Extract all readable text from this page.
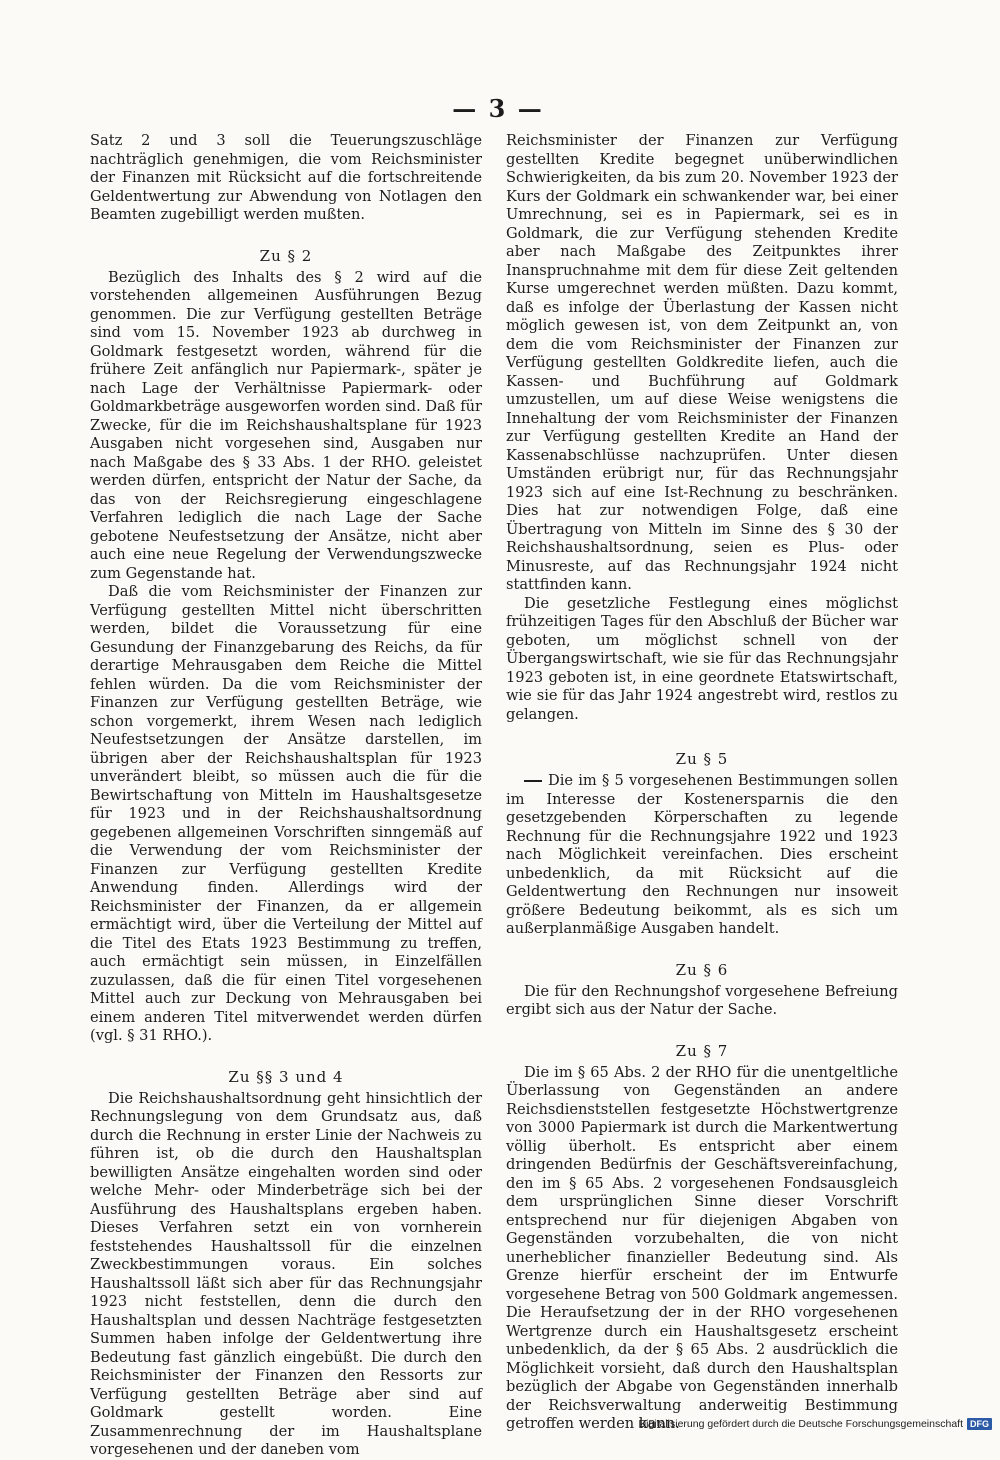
— 3 —

Satz 2 und 3 soll die Teuerungszuschläge nachträglich genehmigen, die vom Reichsminister der Finanzen mit Rücksicht auf die fortschreitende Geldentwertung zur Abwendung von Notlagen den Beamten zugebilligt werden mußten.

Zu § 2

Bezüglich des Inhalts des § 2 wird auf die vorstehenden allgemeinen Ausführungen Bezug genommen. Die zur Verfügung gestellten Beträge sind vom 15. November 1923 ab durchweg in Goldmark festgesetzt worden, während für die frühere Zeit anfänglich nur Papiermark-, später je nach Lage der Verhältnisse Papiermark- oder Goldmarkbeträge ausgeworfen worden sind. Daß für Zwecke, für die im Reichshaushaltsplane für 1923 Ausgaben nicht vorgesehen sind, Ausgaben nur nach Maßgabe des § 33 Abs. 1 der RHO. geleistet werden dürfen, entspricht der Natur der Sache, da das von der Reichsregierung eingeschlagene Verfahren lediglich die nach Lage der Sache gebotene Neufestsetzung der Ansätze, nicht aber auch eine neue Regelung der Verwendungszwecke zum Gegenstande hat.

Daß die vom Reichsminister der Finanzen zur Verfügung gestellten Mittel nicht überschritten werden, bildet die Voraussetzung für eine Gesundung der Finanzgebarung des Reichs, da für derartige Mehrausgaben dem Reiche die Mittel fehlen würden. Da die vom Reichsminister der Finanzen zur Verfügung gestellten Beträge, wie schon vorgemerkt, ihrem Wesen nach lediglich Neufestsetzungen der Ansätze darstellen, im übrigen aber der Reichshaushaltsplan für 1923 unverändert bleibt, so müssen auch die für die Bewirtschaftung von Mitteln im Haushaltsgesetze für 1923 und in der Reichshaushaltsordnung gegebenen allgemeinen Vorschriften sinngemäß auf die Verwendung der vom Reichsminister der Finanzen zur Verfügung gestellten Kredite Anwendung finden. Allerdings wird der Reichsminister der Finanzen, da er allgemein ermächtigt wird, über die Verteilung der Mittel auf die Titel des Etats 1923 Bestimmung zu treffen, auch ermächtigt sein müssen, in Einzelfällen zuzulassen, daß die für einen Titel vorgesehenen Mittel auch zur Deckung von Mehrausgaben bei einem anderen Titel mitverwendet werden dürfen (vgl. § 31 RHO.).

Zu §§ 3 und 4

Die Reichshaushaltsordnung geht hinsichtlich der Rechnungslegung von dem Grundsatz aus, daß durch die Rechnung in erster Linie der Nachweis zu führen ist, ob die durch den Haushaltsplan bewilligten Ansätze eingehalten worden sind oder welche Mehr- oder Minderbeträge sich bei der Ausführung des Haushaltsplans ergeben haben. Dieses Verfahren setzt ein von vornherein feststehendes Haushaltssoll für die einzelnen Zweckbestimmungen voraus. Ein solches Haushaltssoll läßt sich aber für das Rechnungsjahr 1923 nicht feststellen, denn die durch den Haushaltsplan und dessen Nachträge festgesetzten Summen haben infolge der Geldentwertung ihre Bedeutung fast gänzlich eingebüßt. Die durch den Reichsminister der Finanzen den Ressorts zur Verfügung gestellten Beträge aber sind auf Goldmark gestellt worden. Eine Zusammenrechnung der im Haushaltsplane vorgesehenen und der daneben vom

Reichsminister der Finanzen zur Verfügung gestellten Kredite begegnet unüberwindlichen Schwierigkeiten, da bis zum 20. November 1923 der Kurs der Goldmark ein schwankender war, bei einer Umrechnung, sei es in Papiermark, sei es in Goldmark, die zur Verfügung stehenden Kredite aber nach Maßgabe des Zeitpunktes ihrer Inanspruchnahme mit dem für diese Zeit geltenden Kurse umgerechnet werden müßten. Dazu kommt, daß es infolge der Überlastung der Kassen nicht möglich gewesen ist, von dem Zeitpunkt an, von dem die vom Reichsminister der Finanzen zur Verfügung gestellten Goldkredite liefen, auch die Kassen- und Buchführung auf Goldmark umzustellen, um auf diese Weise wenigstens die Innehaltung der vom Reichsminister der Finanzen zur Verfügung gestellten Kredite an Hand der Kassenabschlüsse nachzuprüfen. Unter diesen Umständen erübrigt nur, für das Rechnungsjahr 1923 sich auf eine Ist-Rechnung zu beschränken. Dies hat zur notwendigen Folge, daß eine Übertragung von Mitteln im Sinne des § 30 der Reichshaushaltsordnung, seien es Plus- oder Minusreste, auf das Rechnungsjahr 1924 nicht stattfinden kann.

Die gesetzliche Festlegung eines möglichst frühzeitigen Tages für den Abschluß der Bücher war geboten, um möglichst schnell von der Übergangswirtschaft, wie sie für das Rechnungsjahr 1923 geboten ist, in eine geordnete Etatswirtschaft, wie sie für das Jahr 1924 angestrebt wird, restlos zu gelangen.

Zu § 5

Die im § 5 vorgesehenen Bestimmungen sollen im Interesse der Kostenersparnis die den gesetzgebenden Körperschaften zu legende Rechnung für die Rechnungsjahre 1922 und 1923 nach Möglichkeit vereinfachen. Dies erscheint unbedenklich, da mit Rücksicht auf die Geldentwertung den Rechnungen nur insoweit größere Bedeutung beikommt, als es sich um außerplanmäßige Ausgaben handelt.

Zu § 6

Die für den Rechnungshof vorgesehene Befreiung ergibt sich aus der Natur der Sache.

Zu § 7

Die im § 65 Abs. 2 der RHO für die unentgeltliche Überlassung von Gegenständen an andere Reichsdienststellen festgesetzte Höchstwertgrenze von 3000 Papiermark ist durch die Markentwertung völlig überholt. Es entspricht aber einem dringenden Bedürfnis der Geschäftsvereinfachung, den im § 65 Abs. 2 vorgesehenen Fondsausgleich dem ursprünglichen Sinne dieser Vorschrift entsprechend nur für diejenigen Abgaben von Gegenständen vorzubehalten, die von nicht unerheblicher finanzieller Bedeutung sind. Als Grenze hierfür erscheint der im Entwurfe vorgesehene Betrag von 500 Goldmark angemessen. Die Heraufsetzung der in der RHO vorgesehenen Wertgrenze durch ein Haushaltsgesetz erscheint unbedenklich, da der § 65 Abs. 2 ausdrücklich die Möglichkeit vorsieht, daß durch den Haushaltsplan bezüglich der Abgabe von Gegenständen innerhalb der Reichsverwaltung anderweitig Bestimmung getroffen werden kann.

Digitalisierung gefördert durch die Deutsche Forschungsgemeinschaft DFG
